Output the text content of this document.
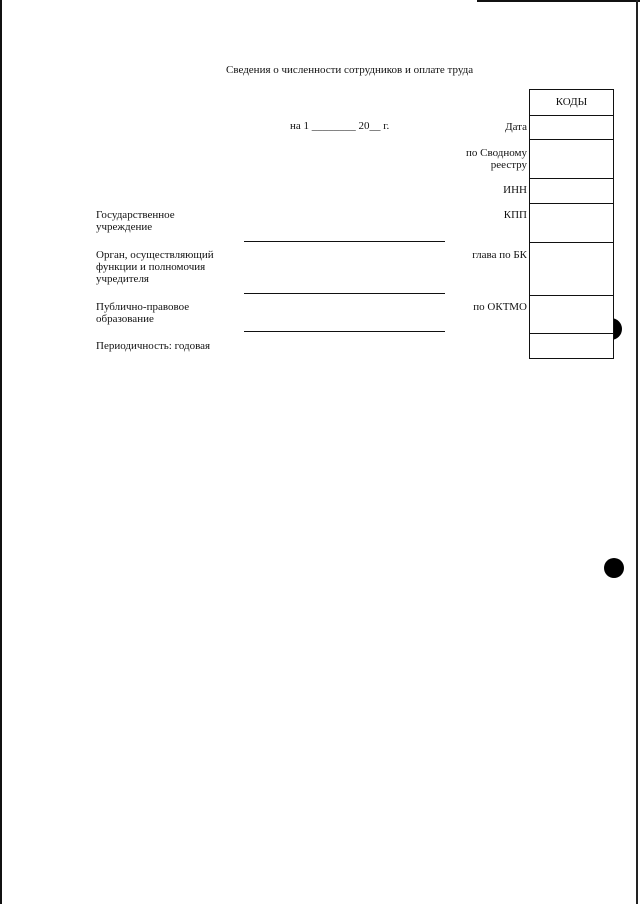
Сведения о численности сотрудников и оплате труда
на 1 ________ 20__ г.
Государственное
учреждение
Орган, осуществляющий
функции и полномочия
учредителя
Публично-правовое
образование
Периодичность: годовая
Дата
по Сводному
реестру
ИНН
КПП
глава по БК
по ОКТМО
КОДЫ
